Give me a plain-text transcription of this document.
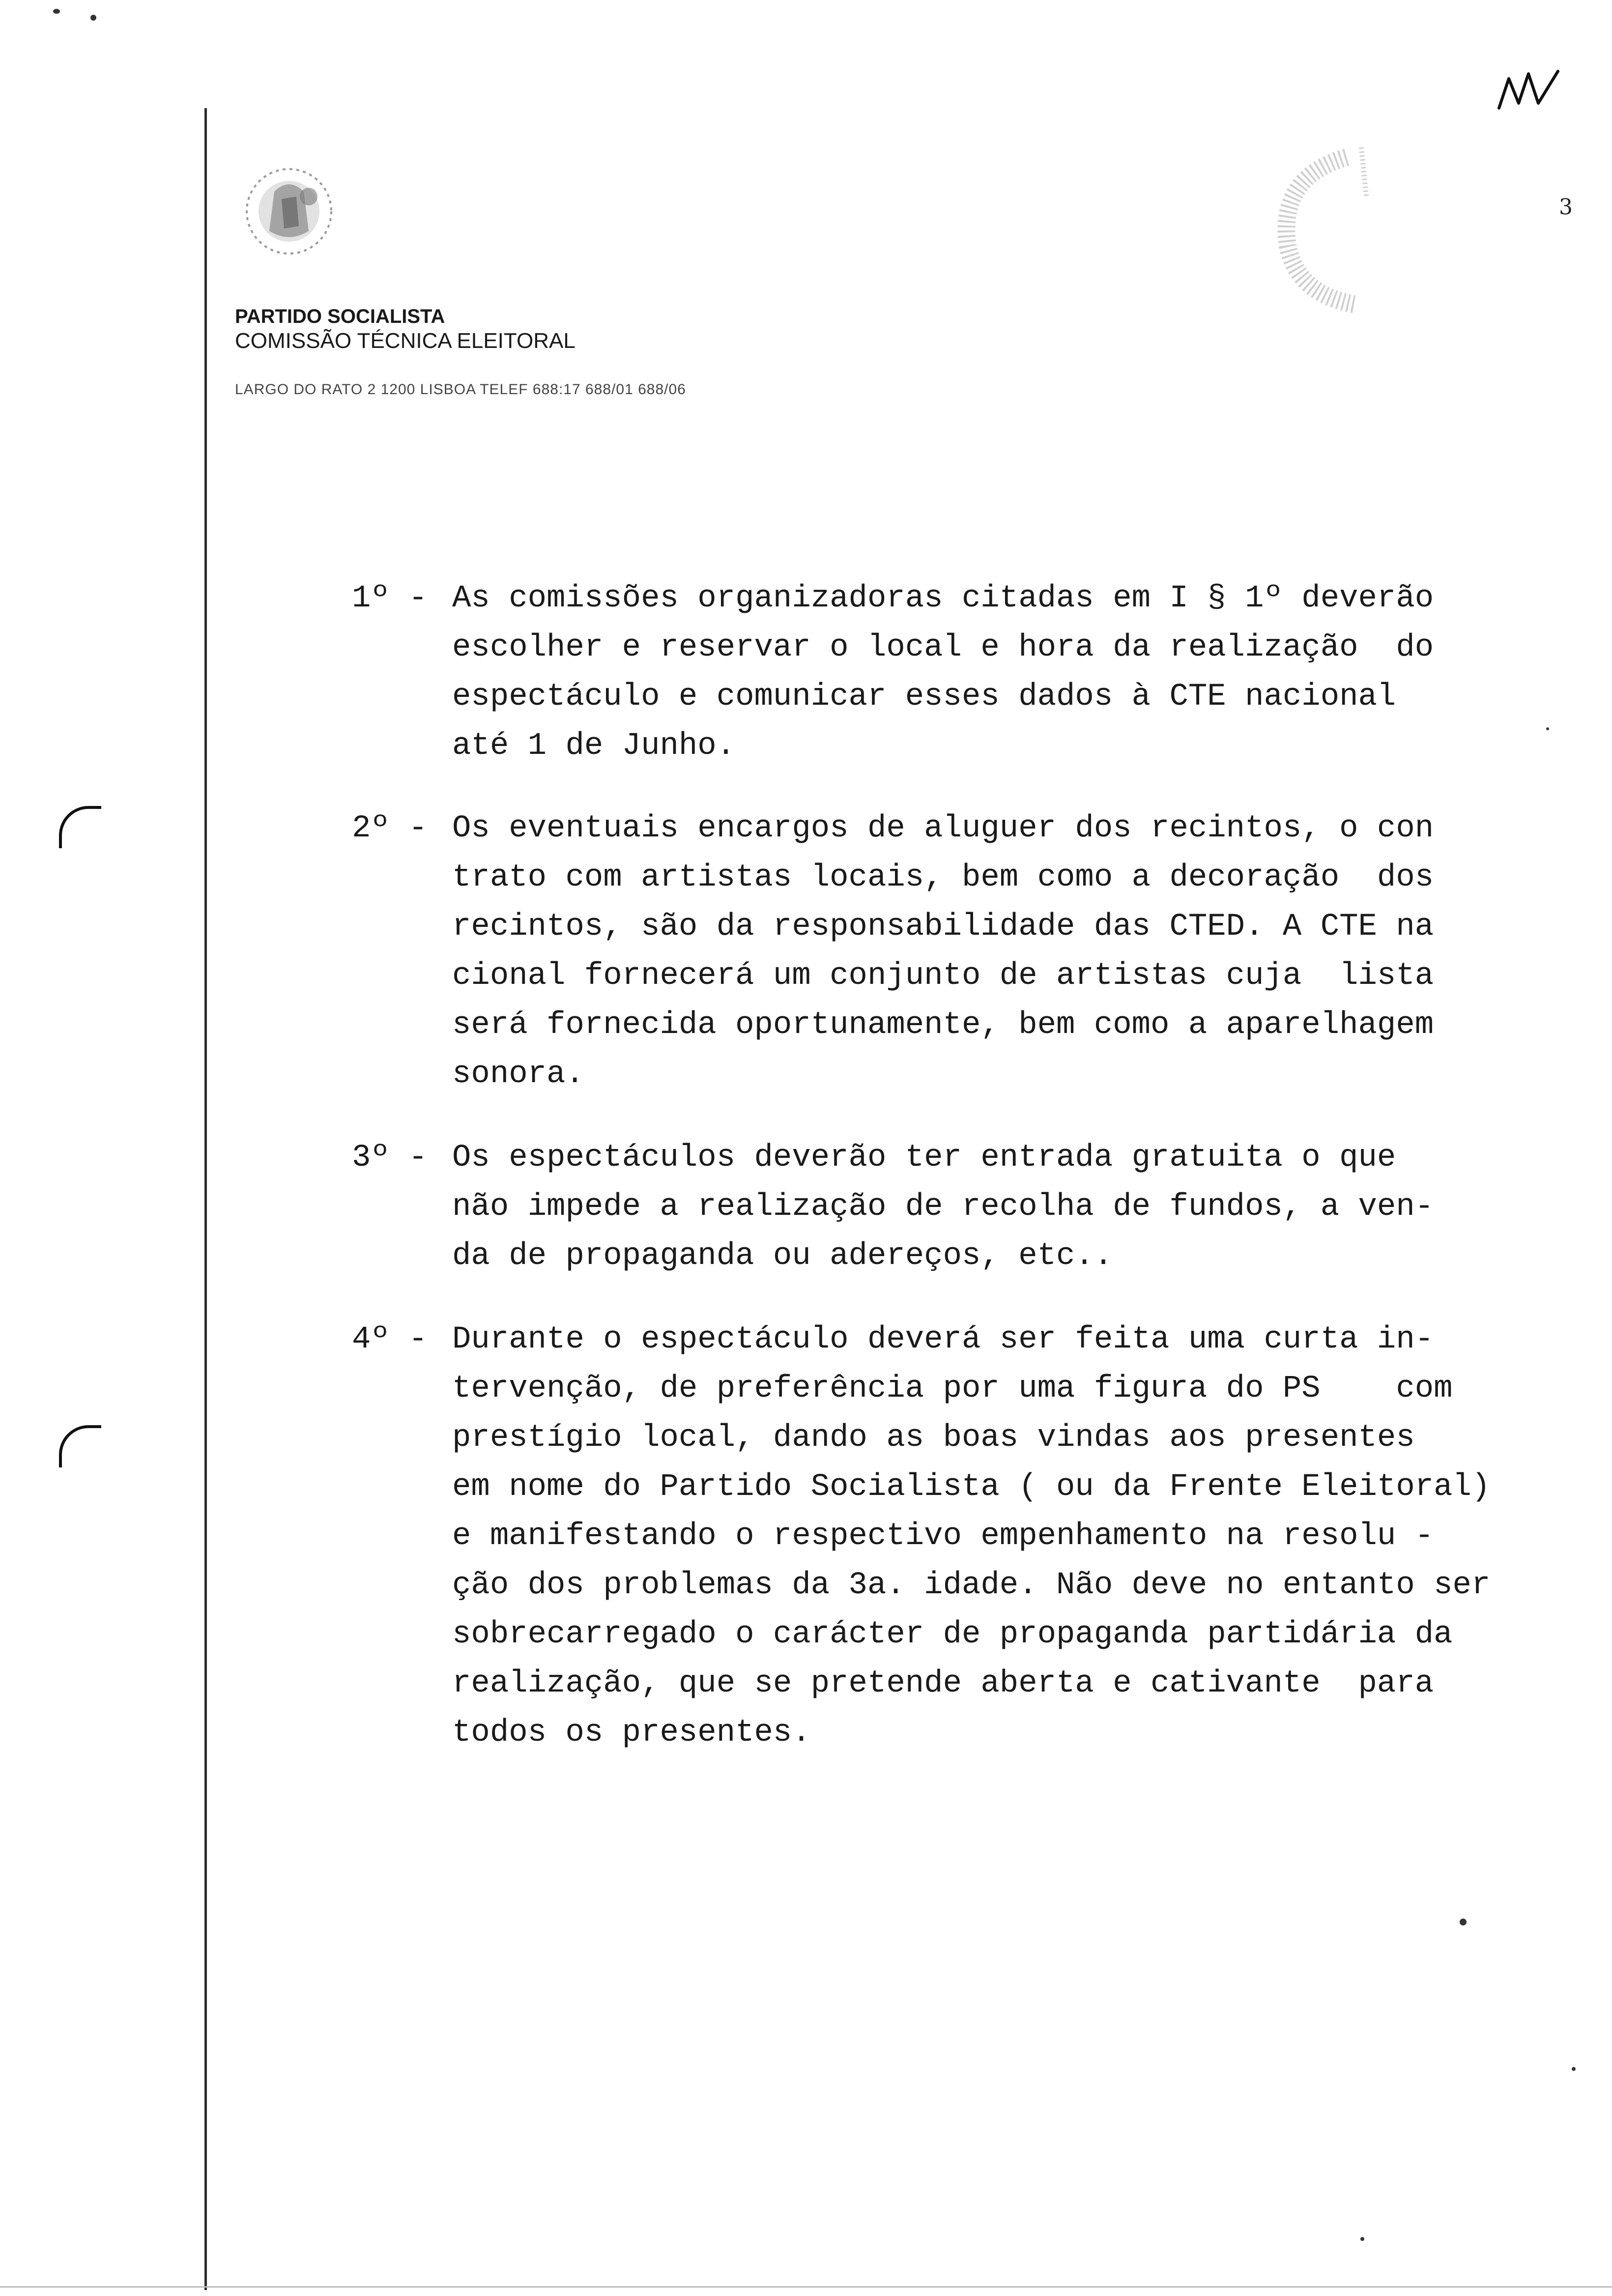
PARTIDO SOCIALISTA
COMISSÃO TÉCNICA ELEITORAL
LARGO DO RATO 2 1200 LISBOA TELEF 688:17 688/01 688/06
3
1º - As comissões organizadoras citadas em I § 1º deverão
escolher e reservar o local e hora da realização  do
espectáculo e comunicar esses dados à CTE nacional
até 1 de Junho.
2º - Os eventuais encargos de aluguer dos recintos, o con
trato com artistas locais, bem como a decoração  dos
recintos, são da responsabilidade das CTED. A CTE na
cional fornecerá um conjunto de artistas cuja  lista
será fornecida oportunamente, bem como a aparelhagem
sonora.
3º - Os espectáculos deverão ter entrada gratuita o que
não impede a realização de recolha de fundos, a ven-
da de propaganda ou adereços, etc..
4º - Durante o espectáculo deverá ser feita uma curta in-
tervenção, de preferência por uma figura do PS    com
prestígio local, dando as boas vindas aos presentes
em nome do Partido Socialista ( ou da Frente Eleitoral)
e manifestando o respectivo empenhamento na resolu -
ção dos problemas da 3a. idade. Não deve no entanto ser
sobrecarregado o carácter de propaganda partidária da
realização, que se pretende aberta e cativante  para
todos os presentes.
